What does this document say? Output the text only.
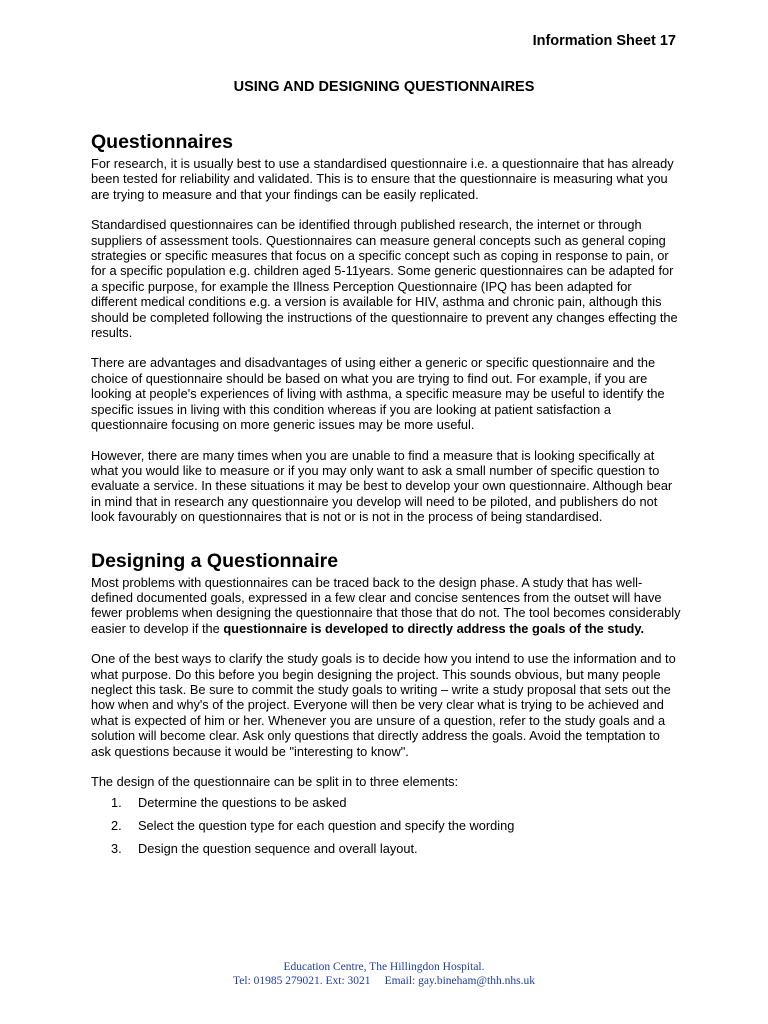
Information Sheet 17

USING AND DESIGNING QUESTIONNAIRES

Questionnaires

For research, it is usually best to use a standardised questionnaire i.e. a questionnaire that has already been tested for reliability and validated. This is to ensure that the questionnaire is measuring what you are trying to measure and that your findings can be easily replicated.

Standardised questionnaires can be identified through published research, the internet or through suppliers of assessment tools. Questionnaires can measure general concepts such as general coping strategies or specific measures that focus on a specific concept such as coping in response to pain, or for a specific population e.g. children aged 5-11years. Some generic questionnaires can be adapted for a specific purpose, for example the Illness Perception Questionnaire (IPQ has been adapted for different medical conditions e.g. a version is available for HIV, asthma and chronic pain, although this should be completed following the instructions of the questionnaire to prevent any changes effecting the results.

There are advantages and disadvantages of using either a generic or specific questionnaire and the choice of questionnaire should be based on what you are trying to find out. For example, if you are looking at people's experiences of living with asthma, a specific measure may be useful to identify the specific issues in living with this condition whereas if you are looking at patient satisfaction a questionnaire focusing on more generic issues may be more useful.

However, there are many times when you are unable to find a measure that is looking specifically at what you would like to measure or if you may only want to ask a small number of specific question to evaluate a service. In these situations it may be best to develop your own questionnaire. Although bear in mind that in research any questionnaire you develop will need to be piloted, and publishers do not look favourably on questionnaires that is not or is not in the process of being standardised.

Designing a Questionnaire

Most problems with questionnaires can be traced back to the design phase. A study that has well-defined documented goals, expressed in a few clear and concise sentences from the outset will have fewer problems when designing the questionnaire that those that do not. The tool becomes considerably easier to develop if the questionnaire is developed to directly address the goals of the study.

One of the best ways to clarify the study goals is to decide how you intend to use the information and to what purpose. Do this before you begin designing the project. This sounds obvious, but many people neglect this task. Be sure to commit the study goals to writing – write a study proposal that sets out the how when and why's of the project. Everyone will then be very clear what is trying to be achieved and what is expected of him or her. Whenever you are unsure of a question, refer to the study goals and a solution will become clear. Ask only questions that directly address the goals. Avoid the temptation to ask questions because it would be "interesting to know".

The design of the questionnaire can be split in to three elements:

1.	Determine the questions to be asked
2.	Select the question type for each question and specify the wording
3.	Design the question sequence and overall layout.
Education Centre, The Hillingdon Hospital.
Tel: 01985 279021. Ext: 3021 Email: gay.bineham@thh.nhs.uk
